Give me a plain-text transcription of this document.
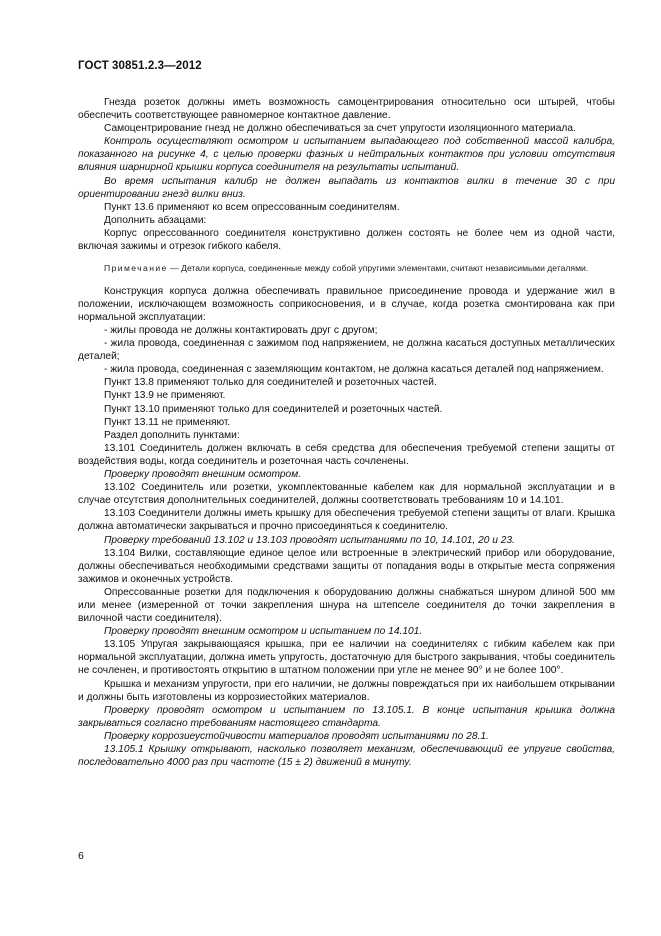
ГОСТ 30851.2.3—2012

Гнезда розеток должны иметь возможность самоцентрирования относительно оси штырей, чтобы обеспечить соответствующее равномерное контактное давление.

Самоцентрирование гнезд не должно обеспечиваться за счет упругости изоляционного материала.

Контроль осуществляют осмотром и испытанием выпадающего под собственной массой калибра, показанного на рисунке 4, с целью проверки фазных и нейтральных контактов при условии отсутствия влияния шарнирной крышки корпуса соединителя на результаты испытаний.

Во время испытания калибр не должен выпадать из контактов вилки в течение 30 с при ориентировании гнезд вилки вниз.

Пункт 13.6 применяют ко всем опрессованным соединителям.

Дополнить абзацами:

Корпус опрессованного соединителя конструктивно должен состоять не более чем из одной части, включая зажимы и отрезок гибкого кабеля.

Примечание — Детали корпуса, соединенные между собой упругими элементами, считают независимыми деталями.

Конструкция корпуса должна обеспечивать правильное присоединение провода и удержание жил в положении, исключающем возможность соприкосновения, и в случае, когда розетка смонтирована как при нормальной эксплуатации:

- жилы провода не должны контактировать друг с другом;

- жила провода, соединенная с зажимом под напряжением, не должна касаться доступных металлических деталей;

- жила провода, соединенная с заземляющим контактом, не должна касаться деталей под напряжением.

Пункт 13.8 применяют только для соединителей и розеточных частей.

Пункт 13.9 не применяют.

Пункт 13.10 применяют только для соединителей и розеточных частей.

Пункт 13.11 не применяют.

Раздел дополнить пунктами:

13.101 Соединитель должен включать в себя средства для обеспечения требуемой степени защиты от воздействия воды, когда соединитель и розеточная часть сочленены.

Проверку проводят внешним осмотром.

13.102 Соединитель или розетки, укомплектованные кабелем как для нормальной эксплуатации и в случае отсутствия дополнительных соединителей, должны соответствовать требованиям 10 и 14.101.

13.103 Соединители должны иметь крышку для обеспечения требуемой степени защиты от влаги. Крышка должна автоматически закрываться и прочно присоединяться к соединителю.

Проверку требований 13.102 и 13.103 проводят испытаниями по 10, 14.101, 20 и 23.

13.104 Вилки, составляющие единое целое или встроенные в электрический прибор или оборудование, должны обеспечиваться необходимыми средствами защиты от попадания воды в открытые места сопряжения зажимов и оконечных устройств.

Опрессованные розетки для подключения к оборудованию должны снабжаться шнуром длиной 500 мм или менее (измеренной от точки закрепления шнура на штепселе соединителя до точки закрепления в вилочной части соединителя).

Проверку проводят внешним осмотром и испытанием по 14.101.

13.105 Упругая закрывающаяся крышка, при ее наличии на соединителях с гибким кабелем как при нормальной эксплуатации, должна иметь упругость, достаточную для быстрого закрывания, чтобы соединитель не сочленен, и противостоять открытию в штатном положении при угле не менее 90° и не более 100°.

Крышка и механизм упругости, при его наличии, не должны повреждаться при их наибольшем открывании и должны быть изготовлены из коррозиестойких материалов.

Проверку проводят осмотром и испытанием по 13.105.1. В конце испытания крышка должна закрываться согласно требованиям настоящего стандарта.

Проверку коррозиеустойчивости материалов проводят испытаниями по 28.1.

13.105.1 Крышку открывают, насколько позволяет механизм, обеспечивающий ее упругие свойства, последовательно 4000 раз при частоте (15 ± 2) движений в минуту.

6
